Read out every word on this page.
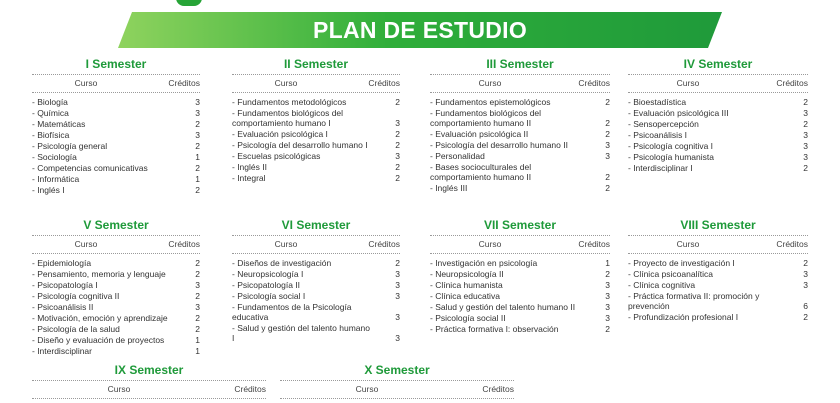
PLAN DE ESTUDIO
I Semester
Curso	Créditos
- Biología	3
- Química	3
- Matemáticas	2
- Biofísica	3
- Psicología general	2
- Sociología	1
- Competencias comunicativas	2
- Informática	1
- Inglés I	2
II Semester
Curso	Créditos
- Fundamentos metodológicos	2
- Fundamentos biológicos del comportamiento humano I	3
- Evaluación psicológica I	2
- Psicología del desarrollo humano I	2
- Escuelas psicológicas	3
- Inglés II	2
- Integral	2
III Semester
Curso	Créditos
- Fundamentos epistemológicos	2
- Fundamentos biológicos del comportamiento humano II	2
- Evaluación psicológica II	2
- Psicología del desarrollo humano II	3
- Personalidad	3
- Bases socioculturales del comportamiento humano II	2
- Inglés III	2
IV Semester
Curso	Créditos
- Bioestadística	2
- Evaluación psicológica III	3
- Sensopercepción	2
- Psicoanálisis I	3
- Psicología cognitiva I	3
- Psicología humanista	3
- Interdisciplinar I	2
V Semester
Curso	Créditos
- Epidemiología	2
- Pensamiento, memoria y lenguaje	2
- Psicopatología I	3
- Psicología cognitiva II	2
- Psicoanálisis II	3
- Motivación, emoción y aprendizaje	2
- Psicología de la salud	2
- Diseño y evaluación de proyectos	1
- Interdisciplinar	1
VI Semester
Curso	Créditos
- Diseños de investigación	2
- Neuropsicología I	3
- Psicopatología II	3
- Psicología social I	3
- Fundamentos de la Psicología educativa	3
- Salud y gestión del talento humano I	3
VII Semester
Curso	Créditos
- Investigación en psicología	1
- Neuropsicología II	2
- Clínica humanista	3
- Clínica educativa	3
- Salud y gestión del talento humano II	3
- Psicología social II	3
- Práctica formativa I: observación	2
VIII Semester
Curso	Créditos
- Proyecto de investigación I	2
- Clínica psicoanalítica	3
- Clínica cognitiva	3
- Práctica formativa II: promoción y prevención	6
- Profundización profesional I	2
IX Semester
Curso	Créditos
X Semester
Curso	Créditos
